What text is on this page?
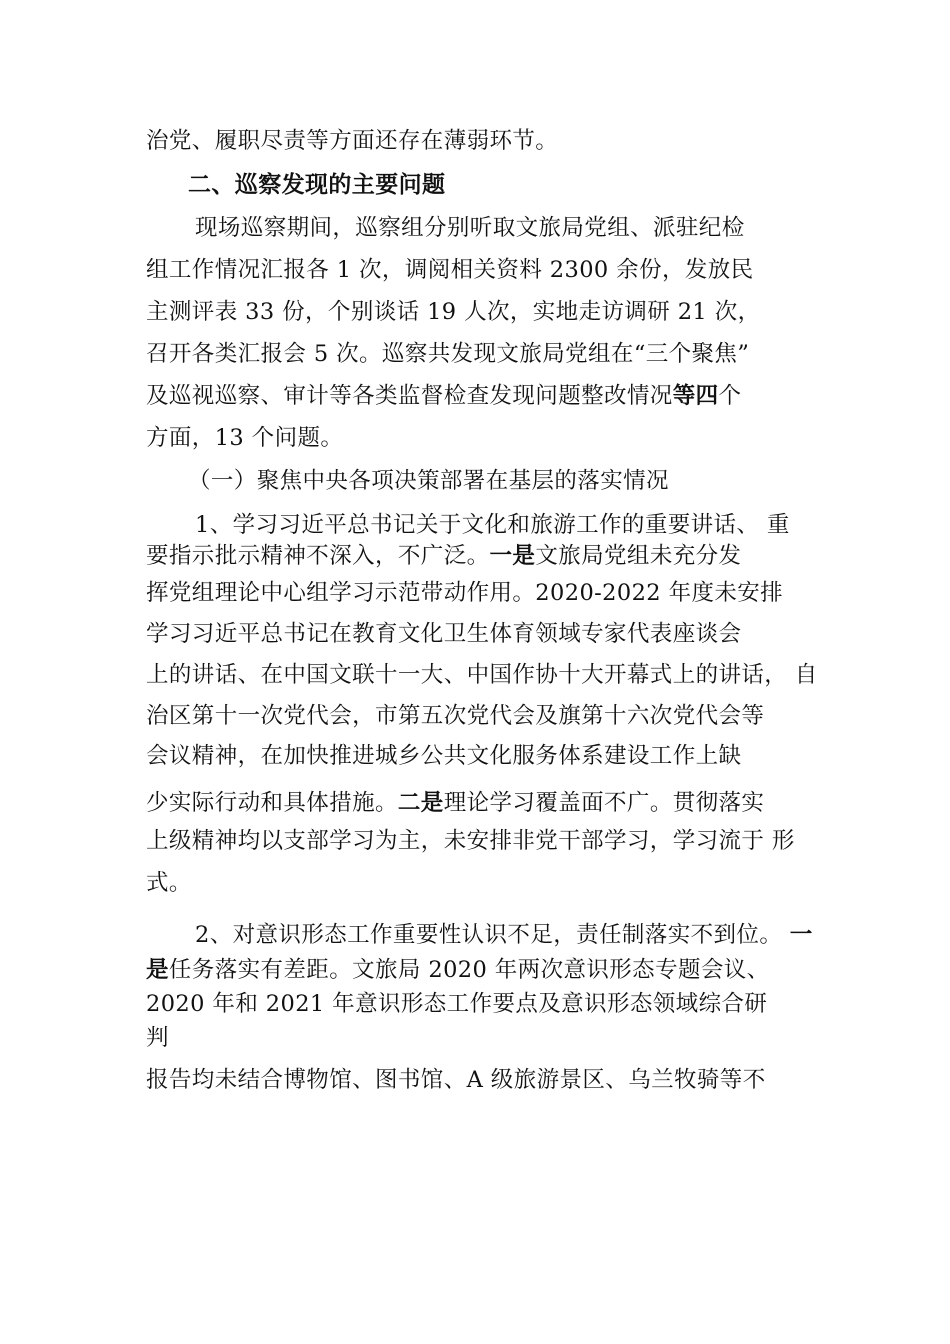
治党、履职尽责等方面还存在薄弱环节。
二、巡察发现的主要问题
现场巡察期间，巡察组分别听取文旅局党组、派驻纪检
组工作情况汇报各 1 次，调阅相关资料 2300 余份，发放民
主测评表 33 份，个别谈话 19 人次，实地走访调研 21 次，
召开各类汇报会 5 次。巡察共发现文旅局党组在“三个聚焦”
及巡视巡察、审计等各类监督检查发现问题整改情况等四个
方面，13 个问题。
（一）聚焦中央各项决策部署在基层的落实情况
1、学习习近平总书记关于文化和旅游工作的重要讲话、 重
要指示批示精神不深入，不广泛。一是文旅局党组未充分发
挥党组理论中心组学习示范带动作用。2020-2022 年度未安排
学习习近平总书记在教育文化卫生体育领域专家代表座谈会
上的讲话、在中国文联十一大、中国作协十大开幕式上的讲话， 自
治区第十一次党代会，市第五次党代会及旗第十六次党代会等
会议精神，在加快推进城乡公共文化服务体系建设工作上缺
少实际行动和具体措施。二是理论学习覆盖面不广。贯彻落实
上级精神均以支部学习为主，未安排非党干部学习，学习流于 形
式。
2、对意识形态工作重要性认识不足，责任制落实不到位。 一
是任务落实有差距。文旅局 2020 年两次意识形态专题会议、
2020 年和 2021 年意识形态工作要点及意识形态领域综合研
判
报告均未结合博物馆、图书馆、A 级旅游景区、乌兰牧骑等不
